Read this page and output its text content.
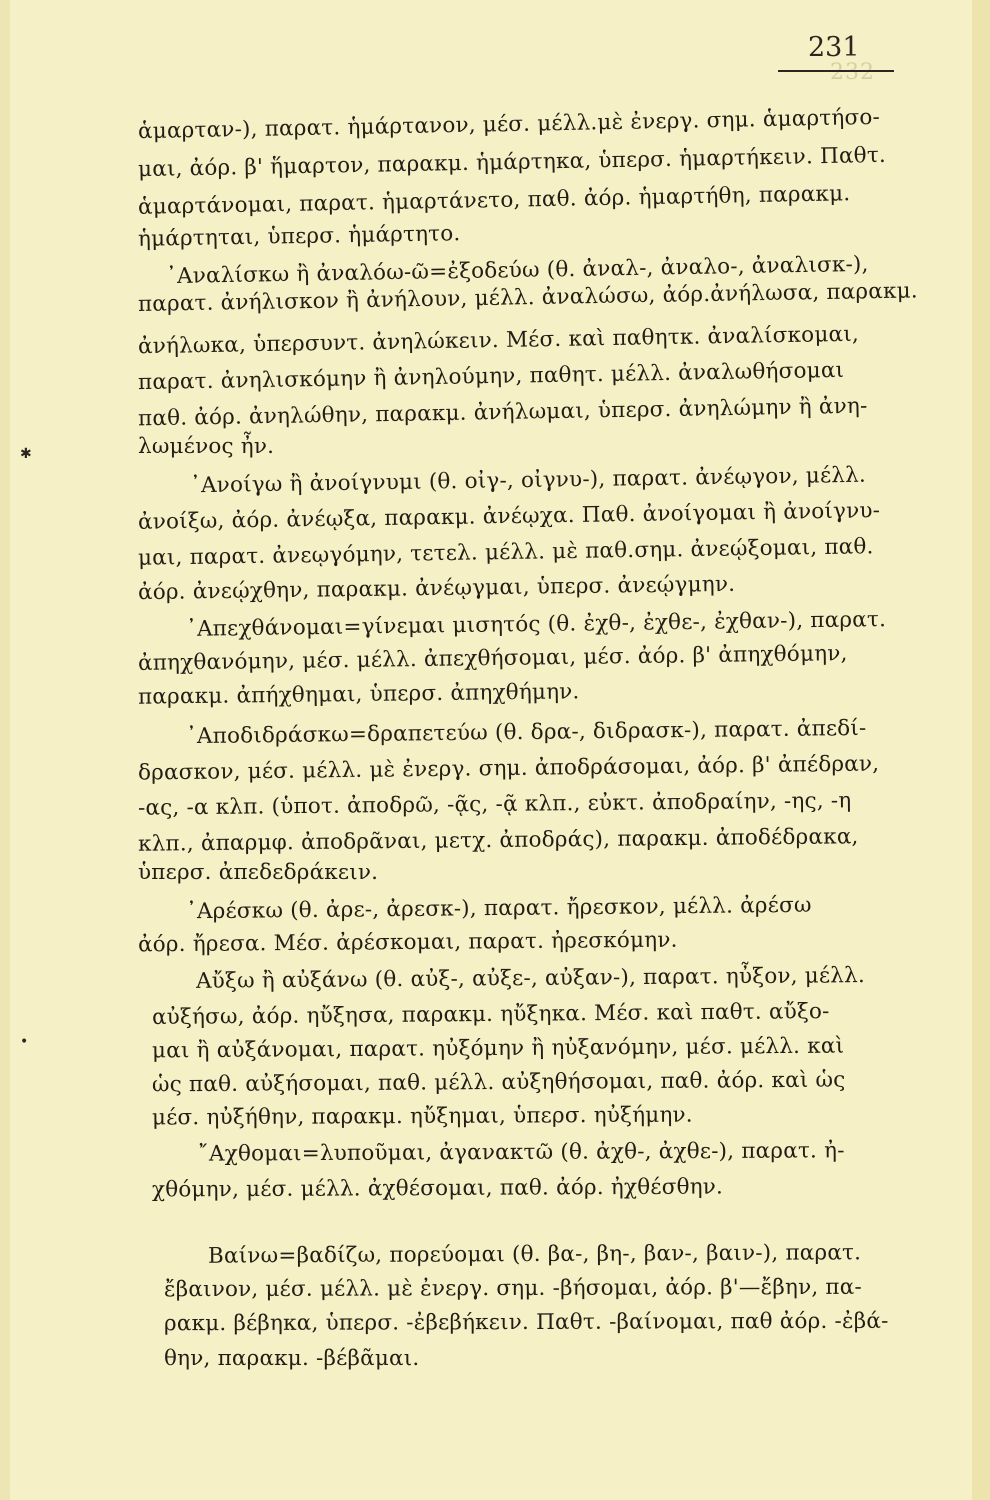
232
231
✱
•
ἁμαρταν-), παρατ. ἡμάρτανον, μέσ. μέλλ.μὲ ἐνεργ. σημ. ἁμαρτήσο-
μαι, ἀόρ. β' ἥμαρτον, παρακμ. ἡμάρτηκα, ὑπερσ. ἡμαρτήκειν. Παθτ.
ἁμαρτάνομαι, παρατ. ἡμαρτάνετο, παθ. ἀόρ. ἡμαρτήθη, παρακμ.
ἡμάρτηται, ὑπερσ. ἡμάρτητο.
᾿Αναλίσκω ἢ ἀναλόω-ῶ=ἐξοδεύω (θ. ἀναλ-, ἀναλο-, ἀναλισκ-),
παρατ. ἀνήλισκον ἢ ἀνήλουν, μέλλ. ἀναλώσω, ἀόρ.ἀνήλωσα, παρακμ.
ἀνήλωκα, ὑπερσυντ. ἀνηλώκειν. Μέσ. καὶ παθητκ. ἀναλίσκομαι,
παρατ. ἀνηλισκόμην ἢ ἀνηλούμην, παθητ. μέλλ. ἀναλωθήσομαι
παθ. ἀόρ. ἀνηλώθην, παρακμ. ἀνήλωμαι, ὑπερσ. ἀνηλώμην ἢ ἀνη-
λωμένος ἦν.
᾿Ανοίγω ἢ ἀνοίγνυμι (θ. οἰγ-, οἰγνυ-), παρατ. ἀνέῳγον, μέλλ.
ἀνοίξω, ἀόρ. ἀνέῳξα, παρακμ. ἀνέῳχα. Παθ. ἀνοίγομαι ἢ ἀνοίγνυ-
μαι, παρατ. ἀνεῳγόμην, τετελ. μέλλ. μὲ παθ.σημ. ἀνεῴξομαι, παθ.
ἀόρ. ἀνεῴχθην, παρακμ. ἀνέῳγμαι, ὑπερσ. ἀνεῴγμην.
᾿Απεχθάνομαι=γίνεμαι μισητός (θ. ἐχθ-, ἐχθε-, ἐχθαν-), παρατ.
ἀπηχθανόμην, μέσ. μέλλ. ἀπεχθήσομαι, μέσ. ἀόρ. β' ἀπηχθόμην,
παρακμ. ἀπήχθημαι, ὑπερσ. ἀπηχθήμην.
᾿Αποδιδράσκω=δραπετεύω (θ. δρα-, διδρασκ-), παρατ. ἀπεδί-
δρασκον, μέσ. μέλλ. μὲ ἐνεργ. σημ. ἀποδράσομαι, ἀόρ. β' ἀπέδραν,
-ας, -α κλπ. (ὑποτ. ἀποδρῶ, -ᾷς, -ᾷ κλπ., εὐκτ. ἀποδραίην, -ης, -η
κλπ., ἀπαρμφ. ἀποδρᾶναι, μετχ. ἀποδράς), παρακμ. ἀποδέδρακα,
ὑπερσ. ἀπεδεδράκειν.
᾿Αρέσκω (θ. ἀρε-, ἀρεσκ-), παρατ. ἤρεσκον, μέλλ. ἀρέσω
ἀόρ. ἤρεσα. Μέσ. ἀρέσκομαι, παρατ. ἠρεσκόμην.
Αὔξω ἢ αὐξάνω (θ. αὐξ-, αὐξε-, αὐξαν-), παρατ. ηὖξον, μέλλ.
αὐξήσω, ἀόρ. ηὔξησα, παρακμ. ηὔξηκα. Μέσ. καὶ παθτ. αὔξο-
μαι ἢ αὐξάνομαι, παρατ. ηὐξόμην ἢ ηὐξανόμην, μέσ. μέλλ. καὶ
ὡς παθ. αὐξήσομαι, παθ. μέλλ. αὐξηθήσομαι, παθ. ἀόρ. καὶ ὡς
μέσ. ηὐξήθην, παρακμ. ηὔξημαι, ὑπερσ. ηὐξήμην.
῎Αχθομαι=λυποῦμαι, ἀγανακτῶ (θ. ἀχθ-, ἀχθε-), παρατ. ἠ-
χθόμην, μέσ. μέλλ. ἀχθέσομαι, παθ. ἀόρ. ἠχθέσθην.
Βαίνω=βαδίζω, πορεύομαι (θ. βα-, βη-, βαν-, βαιν-), παρατ.
ἔβαινον, μέσ. μέλλ. μὲ ἐνεργ. σημ. -βήσομαι, ἀόρ. β'—ἔβην, πα-
ρακμ. βέβηκα, ὑπερσ. -ἐβεβήκειν. Παθτ. -βαίνομαι, παθ ἀόρ. -ἐβά-
θην, παρακμ. -βέβᾶμαι.
